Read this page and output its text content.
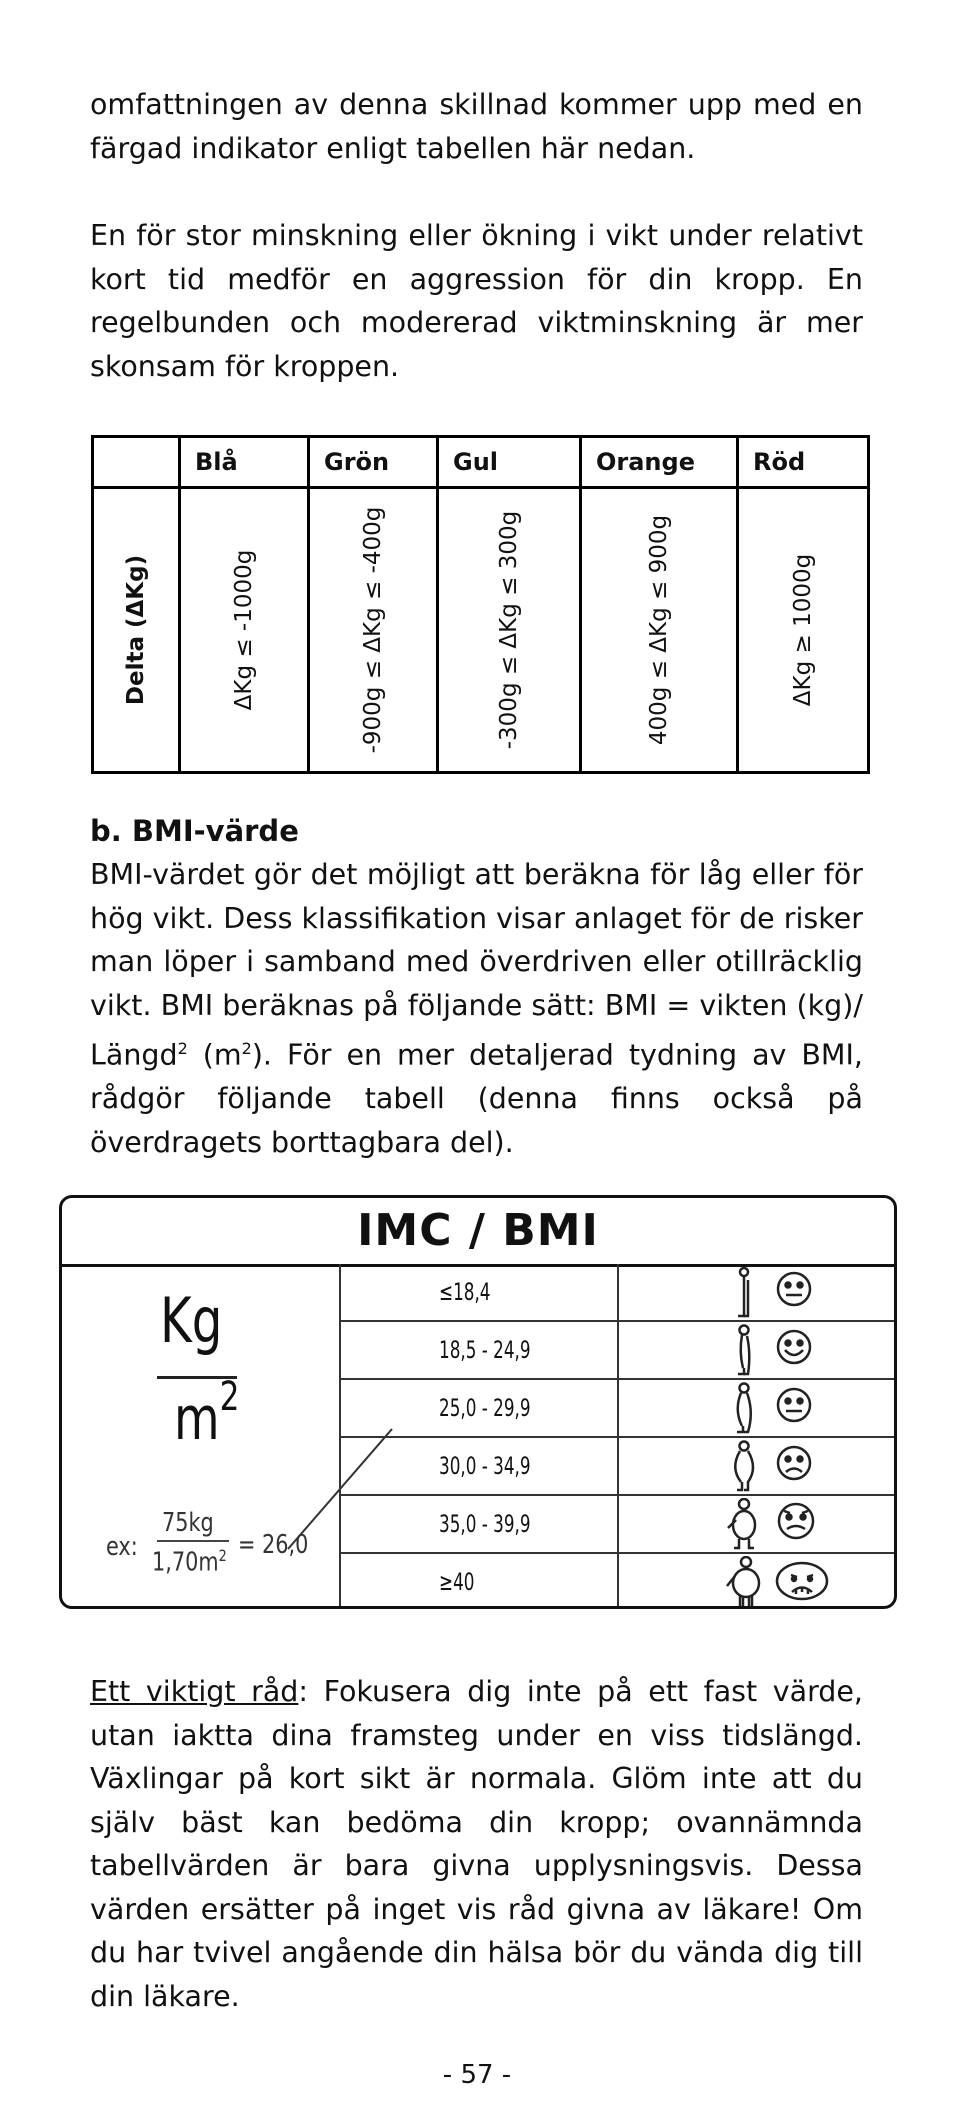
omfattningen av denna skillnad kommer upp med en färgad indikator enligt tabellen här nedan.

En för stor minskning eller ökning i vikt under relativt kort tid medför en aggression för din kropp. En regelbunden och modererad viktminskning är mer skonsam för kroppen.

	Blå	Grön	Gul	Orange	Röd

Delta (ΔKg)	ΔKg ≤ -1000g	-900g ≤ ΔKg ≤ -400g	-300g ≤ ΔKg ≤ 300g	400g ≤ ΔKg ≤ 900g	ΔKg ≥ 1000g
b. BMI-värde

BMI-värdet gör det möjligt att beräkna för låg eller för hög vikt. Dess klassifikation visar anlaget för de risker man löper i samband med överdriven eller otillräcklig vikt. BMI beräknas på följande sätt: BMI = vikten (kg)/ Längd$^2$ $(m^2)$. För en mer detaljerad tydning av BMI, rådgör följande tabell (denna finns också på överdragets borttagbara del).

IMC / BMI
Kg
$m^2$
ex:
75kg
$1,70m^2 = 26,0$
≤18,4
18,5 - 24,9
25,0 - 29,9
30,0 - 34,9
35,0 - 39,9
≥40

Ett viktigt råd: Fokusera dig inte på ett fast värde, utan iaktta dina framsteg under en viss tidslängd. Växlingar på kort sikt är normala. Glöm inte att du själv bäst kan bedöma din kropp; ovannämnda tabellvärden är bara givna upplysningsvis. Dessa värden ersätter på inget vis råd givna av läkare! Om du har tvivel angående din hälsa bör du vända dig till din läkare.

- 57 -
